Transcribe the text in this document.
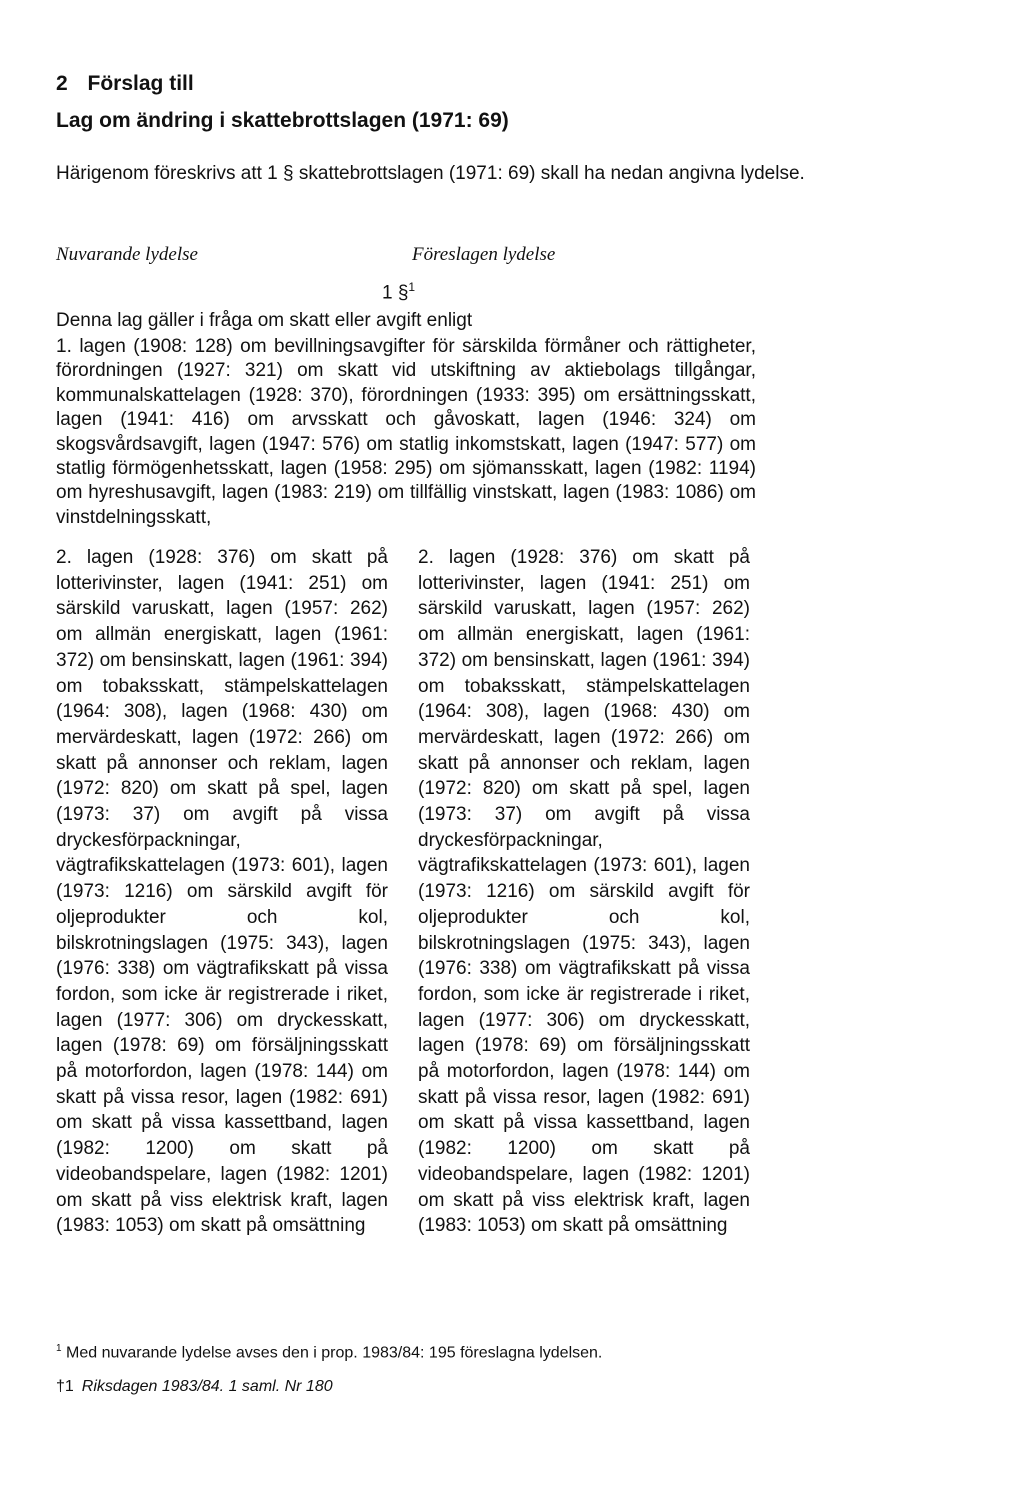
2 Förslag till
Lag om ändring i skattebrottslagen (1971: 69)
Härigenom föreskrivs att 1 § skattebrottslagen (1971: 69) skall ha nedan angivna lydelse.
Nuvarande lydelse	Föreslagen lydelse
1 §$^1$
Denna lag gäller i fråga om skatt eller avgift enligt
1. lagen (1908: 128) om bevillningsavgifter för särskilda förmåner och rättigheter, förordningen (1927: 321) om skatt vid utskiftning av aktiebolags tillgångar, kommunalskattelagen (1928: 370), förordningen (1933: 395) om ersättningsskatt, lagen (1941: 416) om arvsskatt och gåvoskatt, lagen (1946: 324) om skogsvårdsavgift, lagen (1947: 576) om statlig inkomstskatt, lagen (1947: 577) om statlig förmögenhetsskatt, lagen (1958: 295) om sjömansskatt, lagen (1982: 1194) om hyreshusavgift, lagen (1983: 219) om tillfällig vinstskatt, lagen (1983: 1086) om vinstdelningsskatt,
2. lagen (1928: 376) om skatt på lotterivinster, lagen (1941: 251) om särskild varuskatt, lagen (1957: 262) om allmän energiskatt, lagen (1961: 372) om bensinskatt, lagen (1961: 394) om tobaksskatt, stämpelskattelagen (1964: 308), lagen (1968: 430) om mervärdeskatt, lagen (1972: 266) om skatt på annonser och reklam, lagen (1972: 820) om skatt på spel, lagen (1973: 37) om avgift på vissa dryckesförpackningar, vägtrafikskattelagen (1973: 601), lagen (1973: 1216) om särskild avgift för oljeprodukter och kol, bilskrotningslagen (1975: 343), lagen (1976: 338) om vägtrafikskatt på vissa fordon, som icke är registrerade i riket, lagen (1977: 306) om dryckesskatt, lagen (1978: 69) om försäljningsskatt på motorfordon, lagen (1978: 144) om skatt på vissa resor, lagen (1982: 691) om skatt på vissa kassettband, lagen (1982: 1200) om skatt på videobandspelare, lagen (1982: 1201) om skatt på viss elektrisk kraft, lagen (1983: 1053) om skatt på omsättning
2. lagen (1928: 376) om skatt på lotterivinster, lagen (1941: 251) om särskild varuskatt, lagen (1957: 262) om allmän energiskatt, lagen (1961: 372) om bensinskatt, lagen (1961: 394) om tobaksskatt, stämpelskattelagen (1964: 308), lagen (1968: 430) om mervärdeskatt, lagen (1972: 266) om skatt på annonser och reklam, lagen (1972: 820) om skatt på spel, lagen (1973: 37) om avgift på vissa dryckesförpackningar, vägtrafikskattelagen (1973: 601), lagen (1973: 1216) om särskild avgift för oljeprodukter och kol, bilskrotningslagen (1975: 343), lagen (1976: 338) om vägtrafikskatt på vissa fordon, som icke är registrerade i riket, lagen (1977: 306) om dryckesskatt, lagen (1978: 69) om försäljningsskatt på motorfordon, lagen (1978: 144) om skatt på vissa resor, lagen (1982: 691) om skatt på vissa kassettband, lagen (1982: 1200) om skatt på videobandspelare, lagen (1982: 1201) om skatt på viss elektrisk kraft, lagen (1983: 1053) om skatt på omsättning
$^1$ Med nuvarande lydelse avses den i prop. 1983/84: 195 föreslagna lydelsen.
†1 Riksdagen 1983/84. 1 saml. Nr 180
